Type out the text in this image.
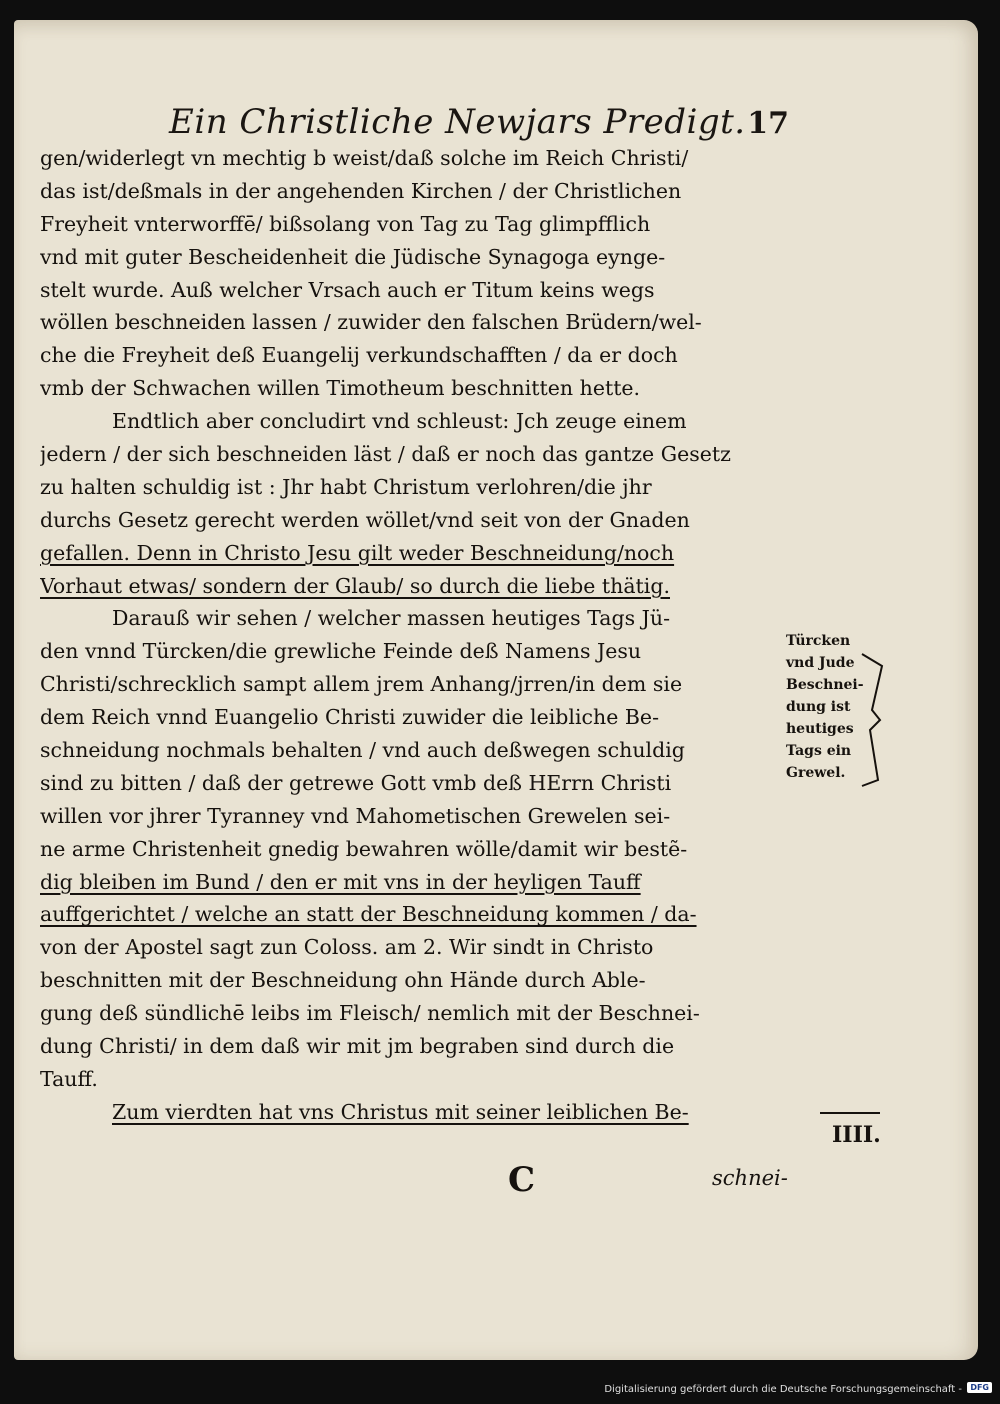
Ein Christliche Newjars Predigt. 17
gen/widerlegt vn mechtig b weist/daß solche im Reich Christi/
das ist/deßmals in der angehenden Kirchen / der Christlichen
Freyheit vnterworffē/ bißsolang von Tag zu Tag glimpfflich
vnd mit guter Bescheidenheit die Jüdische Synagoga eynge-
stelt wurde. Auß welcher Vrsach auch er Titum keins wegs
wöllen beschneiden lassen / zuwider den falschen Brüdern/wel-
che die Freyheit deß Euangelij verkundschafften / da er doch
vmb der Schwachen willen Timotheum beschnitten hette.
Endtlich aber concludirt vnd schleust: Jch zeuge einem
jedern / der sich beschneiden läst / daß er noch das gantze Gesetz
zu halten schuldig ist : Jhr habt Christum verlohren/die jhr
durchs Gesetz gerecht werden wöllet/vnd seit von der Gnaden
gefallen. Denn in Christo Jesu gilt weder Beschneidung/noch
Vorhaut etwas/ sondern der Glaub/ so durch die liebe thätig.
Darauß wir sehen / welcher massen heutiges Tags Jü-
den vnnd Türcken/die grewliche Feinde deß Namens Jesu
Christi/schrecklich sampt allem jrem Anhang/jrren/in dem sie
dem Reich vnnd Euangelio Christi zuwider die leibliche Be-
schneidung nochmals behalten / vnd auch deßwegen schuldig
sind zu bitten / daß der getrewe Gott vmb deß HErrn Christi
willen vor jhrer Tyranney vnd Mahometischen Grewelen sei-
ne arme Christenheit gnedig bewahren wölle/damit wir bestẽ-
dig bleiben im Bund / den er mit vns in der heyligen Tauff
auffgerichtet / welche an statt der Beschneidung kommen / da-
von der Apostel sagt zun Coloss. am 2. Wir sindt in Christo
beschnitten mit der Beschneidung ohn Hände durch Able-
gung deß sündlichē leibs im Fleisch/ nemlich mit der Beschnei-
dung Christi/ in dem daß wir mit jm begraben sind durch die
Tauff.
Zum vierdten hat vns Christus mit seiner leiblichen Be-
Türcken
vnd Jude
Beschnei-
dung ist
heutiges
Tags ein
Grewel.
IIII.
C	schnei-
Digitalisierung gefördert durch die Deutsche Forschungsgemeinschaft -	DFG
